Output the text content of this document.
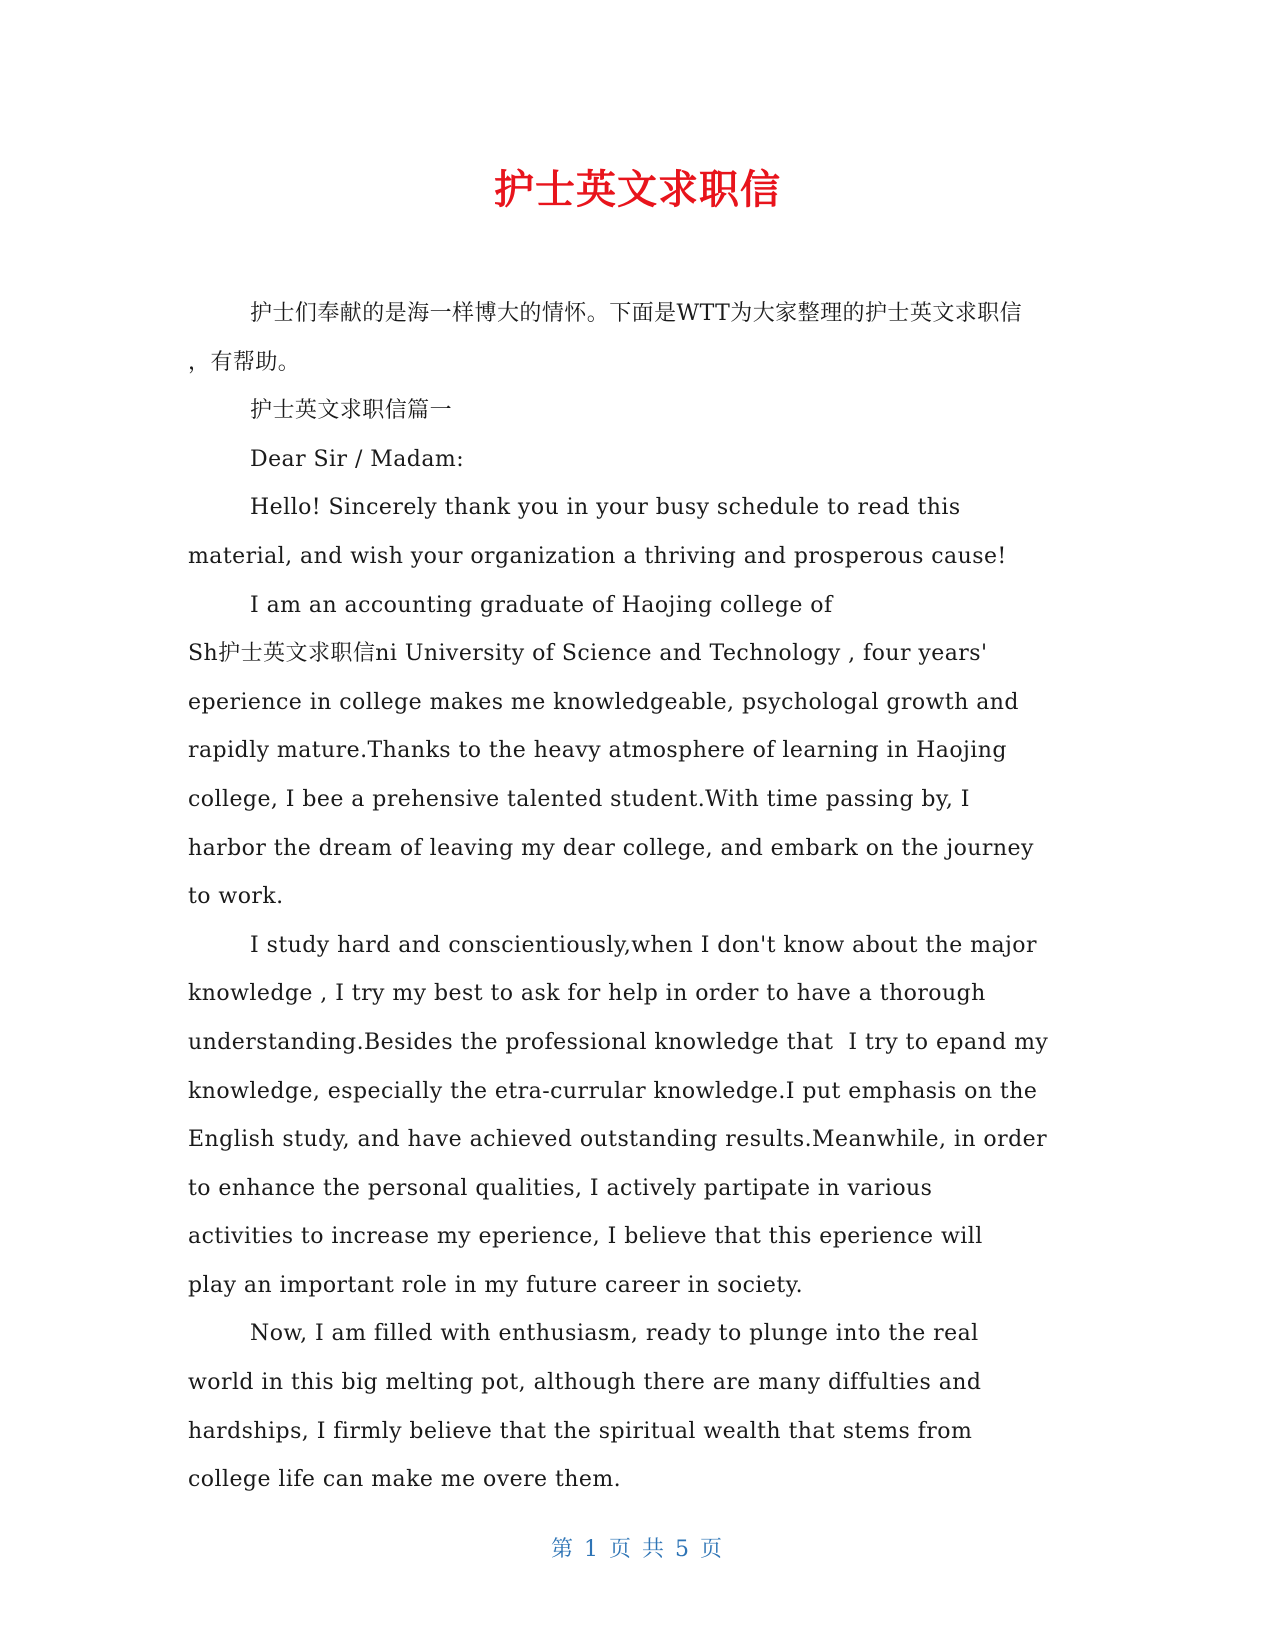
护士英文求职信
护士们奉献的是海一样博大的情怀。下面是WTT为大家整理的护士英文求职信
，有帮助。
护士英文求职信篇一
Dear Sir / Madam:
Hello! Sincerely thank you in your busy schedule to read this
material, and wish your organization a thriving and prosperous cause!
I am an accounting graduate of Haojing college of
Sh护士英文求职信ni University of Science and Technology , four years'
eperience in college makes me knowledgeable, psychologal growth and
rapidly mature.Thanks to the heavy atmosphere of learning in Haojing
college, I bee a prehensive talented student.With time passing by, I
harbor the dream of leaving my dear college, and embark on the journey
to work.
I study hard and conscientiously,when I don't know about the major
knowledge , I try my best to ask for help in order to have a thorough
understanding.Besides the professional knowledge that  I try to epand my
knowledge, especially the etra-currular knowledge.I put emphasis on the
English study, and have achieved outstanding results.Meanwhile, in order
to enhance the personal qualities, I actively partipate in various
activities to increase my eperience, I believe that this eperience will
play an important role in my future career in society.
Now, I am filled with enthusiasm, ready to plunge into the real
world in this big melting pot, although there are many diffulties and
hardships, I firmly believe that the spiritual wealth that stems from
college life can make me overe them.
第 1 页 共 5 页
